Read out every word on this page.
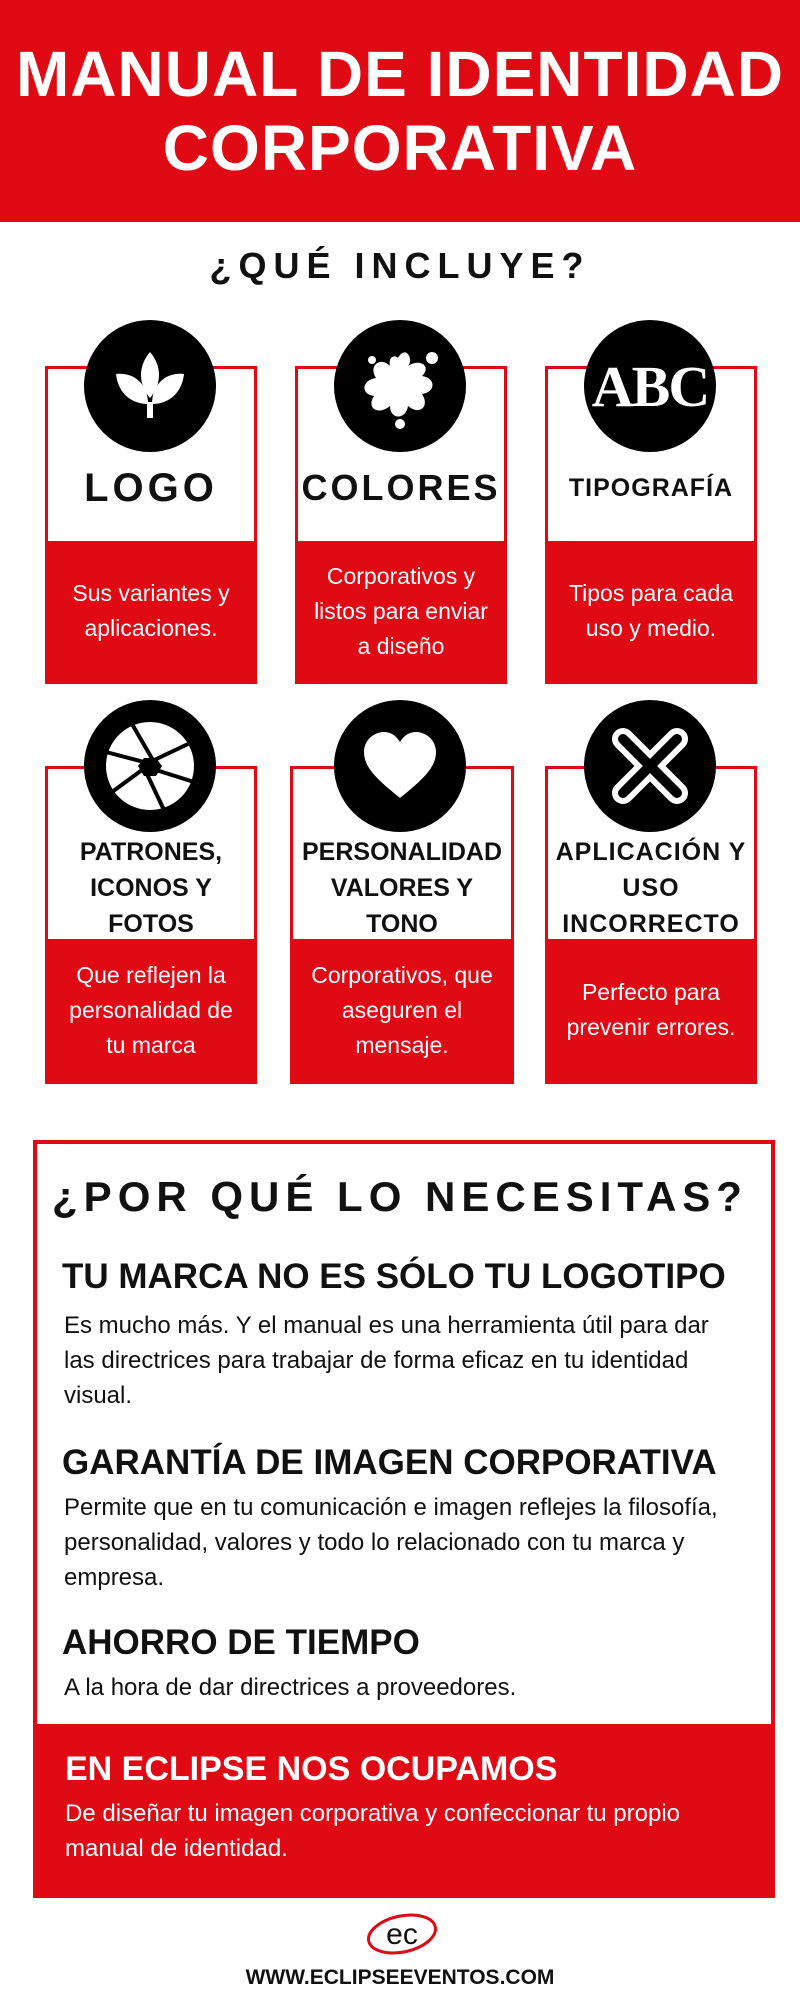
MANUAL DE IDENTIDAD
CORPORATIVA
¿QUÉ INCLUYE?
LOGO
Sus variantes y aplicaciones.
COLORES
Corporativos y listos para enviar a diseño
TIPOGRAFÍA
Tipos para cada uso y medio.
ABC
PATRONES, ICONOS Y FOTOS
Que reflejen la personalidad de tu marca
PERSONALIDAD VALORES Y TONO
Corporativos, que aseguren el mensaje.
APLICACIÓN Y USO INCORRECTO
Perfecto para prevenir errores.
¿POR QUÉ LO NECESITAS?
TU MARCA NO ES SÓLO TU LOGOTIPO
Es mucho más. Y el manual es una herramienta útil para dar las directrices para trabajar de forma eficaz en tu identidad visual.
GARANTÍA DE IMAGEN CORPORATIVA
Permite que en tu comunicación e imagen reflejes la filosofía, personalidad, valores y todo lo relacionado con tu marca y empresa.
AHORRO DE TIEMPO
A la hora de dar directrices a proveedores.
EN ECLIPSE NOS OCUPAMOS
De diseñar tu imagen corporativa y confeccionar tu propio manual de identidad.
ec
WWW.ECLIPSEEVENTOS.COM
